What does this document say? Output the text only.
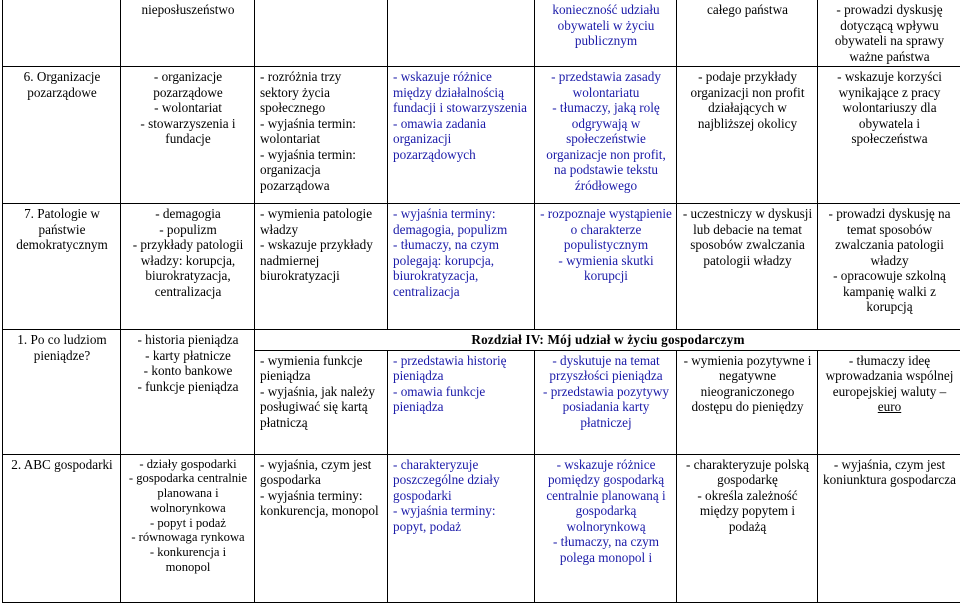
	nieposłuszeństwo			konieczność udziału obywateli w życiu publicznym	całego państwa	- prowadzi dyskusję dotyczącą wpływu obywateli na sprawy ważne państwa

6. Organizacje pozarządowe	- organizacje pozarządowe
- wolontariat
- stowarzyszenia i fundacje	- rozróżnia trzy sektory życia społecznego
- wyjaśnia termin: wolontariat
- wyjaśnia termin: organizacja pozarządowa	- wskazuje różnice między działalnością fundacji i stowarzyszenia
- omawia zadania organizacji pozarządowych	- przedstawia zasady wolontariatu
- tłumaczy, jaką rolę odgrywają w społeczeństwie organizacje non profit, na podstawie tekstu źródłowego	- podaje przykłady organizacji non profit działających w najbliższej okolicy	- wskazuje korzyści wynikające z pracy wolontariuszy dla obywatela i społeczeństwa

7. Patologie w państwie demokratycznym	- demagogia
- populizm
- przykłady patologii władzy: korupcja, biurokratyzacja, centralizacja	- wymienia patologie władzy
- wskazuje przykłady nadmiernej biurokratyzacji	- wyjaśnia terminy: demagogia, populizm
- tłumaczy, na czym polegają: korupcja, biurokratyzacja, centralizacja	- rozpoznaje wystąpienie o charakterze populistycznym
- wymienia skutki korupcji	- uczestniczy w dyskusji lub debacie na temat sposobów zwalczania patologii władzy	- prowadzi dyskusję na temat sposobów zwalczania patologii władzy
- opracowuje szkolną kampanię walki z korupcją

1. Po co ludziom pieniądze?	- historia pieniądza
- karty płatnicze
- konto bankowe
- funkcje pieniądza	Rozdział IV: Mój udział w życiu gospodarczym				

		- wymienia funkcje pieniądza
- wyjaśnia, jak należy posługiwać się kartą płatniczą	- przedstawia historię pieniądza
- omawia funkcje pieniądza	- dyskutuje na temat przyszłości pieniądza
- przedstawia pozytywy posiadania karty płatniczej	- wymienia pozytywne i negatywne nieograniczonego dostępu do pieniędzy	- tłumaczy ideę wprowadzania wspólnej europejskiej waluty – euro

2. ABC gospodarki	- działy gospodarki
- gospodarka centralnie planowana i wolnorynkowa
- popyt i podaż
- równowaga rynkowa
- konkurencja i monopol	- wyjaśnia, czym jest gospodarka
- wyjaśnia terminy: konkurencja, monopol	- charakteryzuje poszczególne działy gospodarki
- wyjaśnia terminy: popyt, podaż	- wskazuje różnice pomiędzy gospodarką centralnie planowaną i gospodarką wolnorynkową
- tłumaczy, na czym polega monopol i	- charakteryzuje polską gospodarkę
- określa zależność między popytem i podażą	- wyjaśnia, czym jest koniunktura gospodarcza
